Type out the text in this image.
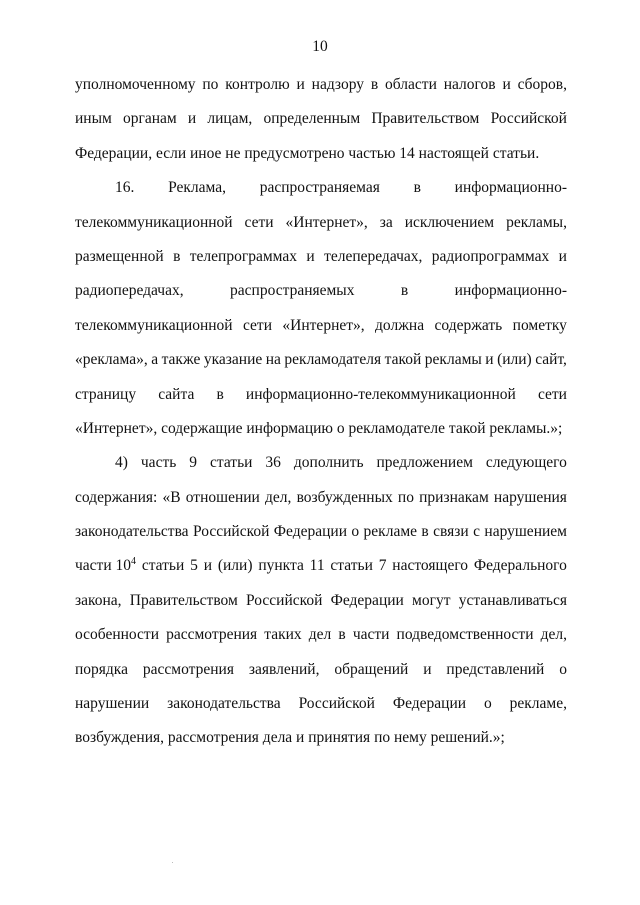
10
уполномоченному по контролю и надзору в области налогов и сборов,
иным органам и лицам, определенным Правительством Российской
Федерации, если иное не предусмотрено частью 14 настоящей статьи.
16. Реклама, распространяемая в информационно-
телекоммуникационной сети «Интернет», за исключением рекламы,
размещенной в телепрограммах и телепередачах, радиопрограммах и
радиопередачах,	распространяемых	в	информационно-
телекоммуникационной сети «Интернет», должна содержать пометку
«реклама», а также указание на рекламодателя такой рекламы и (или) сайт,
страницу сайта в информационно-телекоммуникационной сети
«Интернет», содержащие информацию о рекламодателе такой рекламы.»;
4) часть 9 статьи 36 дополнить предложением следующего
содержания: «В отношении дел, возбужденных по признакам нарушения
законодательства Российской Федерации о рекламе в связи с нарушением
части $10^4$ статьи 5 и (или) пункта 11 статьи 7 настоящего Федерального
закона, Правительством Российской Федерации могут устанавливаться
особенности рассмотрения таких дел в части подведомственности дел,
порядка рассмотрения заявлений, обращений и представлений о
нарушении законодательства Российской Федерации о рекламе,
возбуждения, рассмотрения дела и принятия по нему решений.»;
